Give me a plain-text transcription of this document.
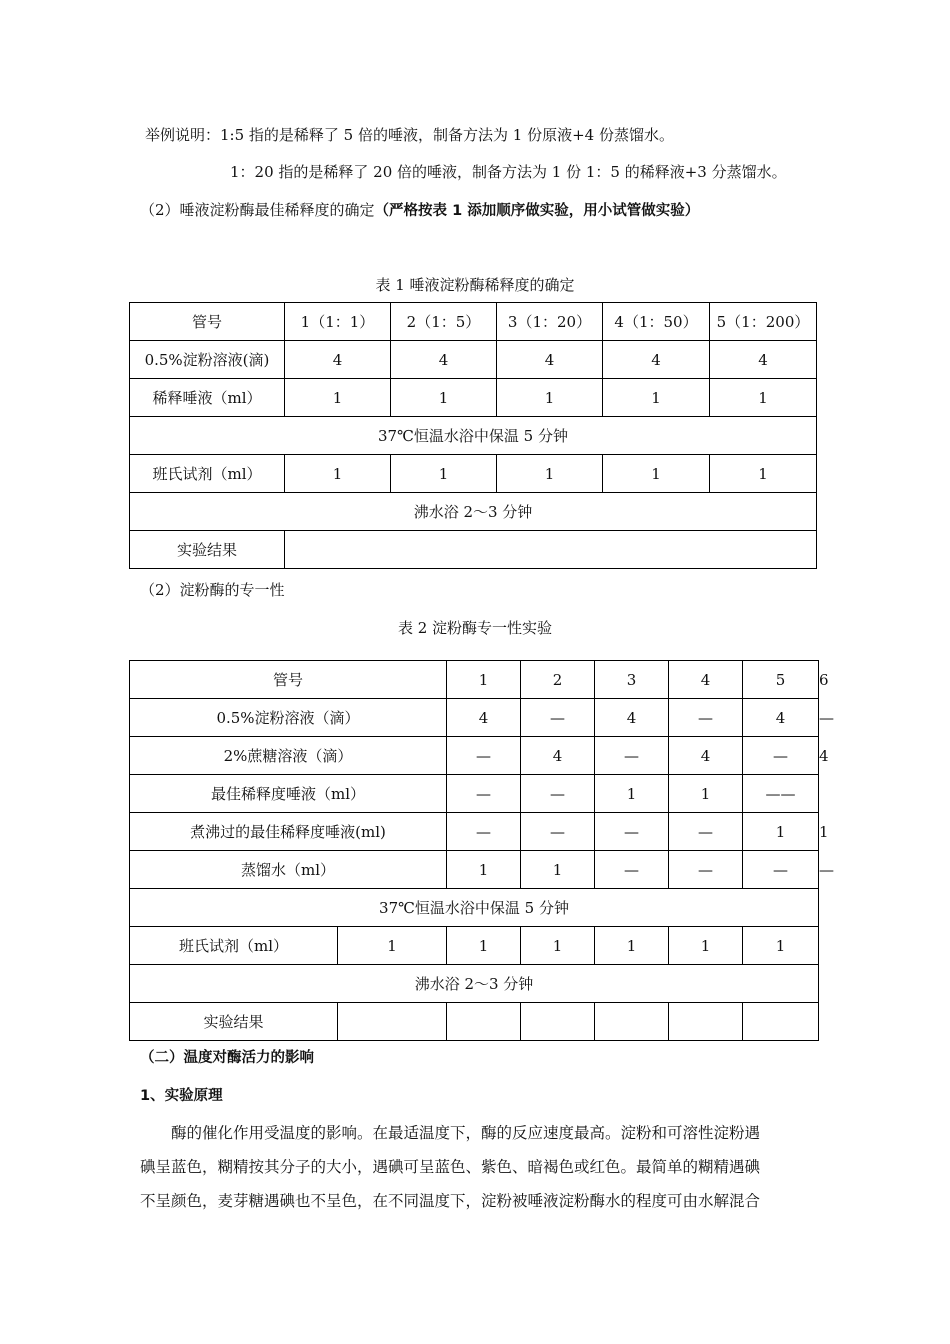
举例说明：1:5 指的是稀释了 5 倍的唾液，制备方法为 1 份原液+4 份蒸馏水。
1：20 指的是稀释了 20 倍的唾液，制备方法为 1 份 1：5 的稀释液+3 分蒸馏水。
（2）唾液淀粉酶最佳稀释度的确定（严格按表 1 添加顺序做实验，用小试管做实验）
表 1 唾液淀粉酶稀释度的确定
管号	1（1：1）	2（1：5）	3（1：20）	4（1：50）	5（1：200）
0.5%淀粉溶液(滴)	4	4	4	4	4
稀释唾液（ml）	1	1	1	1	1
37℃恒温水浴中保温 5 分钟					
班氏试剂（ml）	1	1	1	1	1
沸水浴 2～3 分钟					
实验结果					
（2）淀粉酶的专一性
表 2 淀粉酶专一性实验
管号		1	2	3	4	5	6
0.5%淀粉溶液（滴）		4	—	4	—	4	—
2%蔗糖溶液（滴）		—	4	—	4	—	4
最佳稀释度唾液（ml）		—	—	1	1	——	
煮沸过的最佳稀释度唾液(ml)		—	—	—	—	1	1
蒸馏水（ml）		1	1	—	—	—	—
37℃恒温水浴中保温 5 分钟							
班氏试剂（ml）	1	1	1	1	1	1	
沸水浴 2～3 分钟							
实验结果							
（二）温度对酶活力的影响
1、实验原理
酶的催化作用受温度的影响。在最适温度下，酶的反应速度最高。淀粉和可溶性淀粉遇
碘呈蓝色，糊精按其分子的大小，遇碘可呈蓝色、紫色、暗褐色或红色。最简单的糊精遇碘
不呈颜色，麦芽糖遇碘也不呈色，在不同温度下，淀粉被唾液淀粉酶水的程度可由水解混合
